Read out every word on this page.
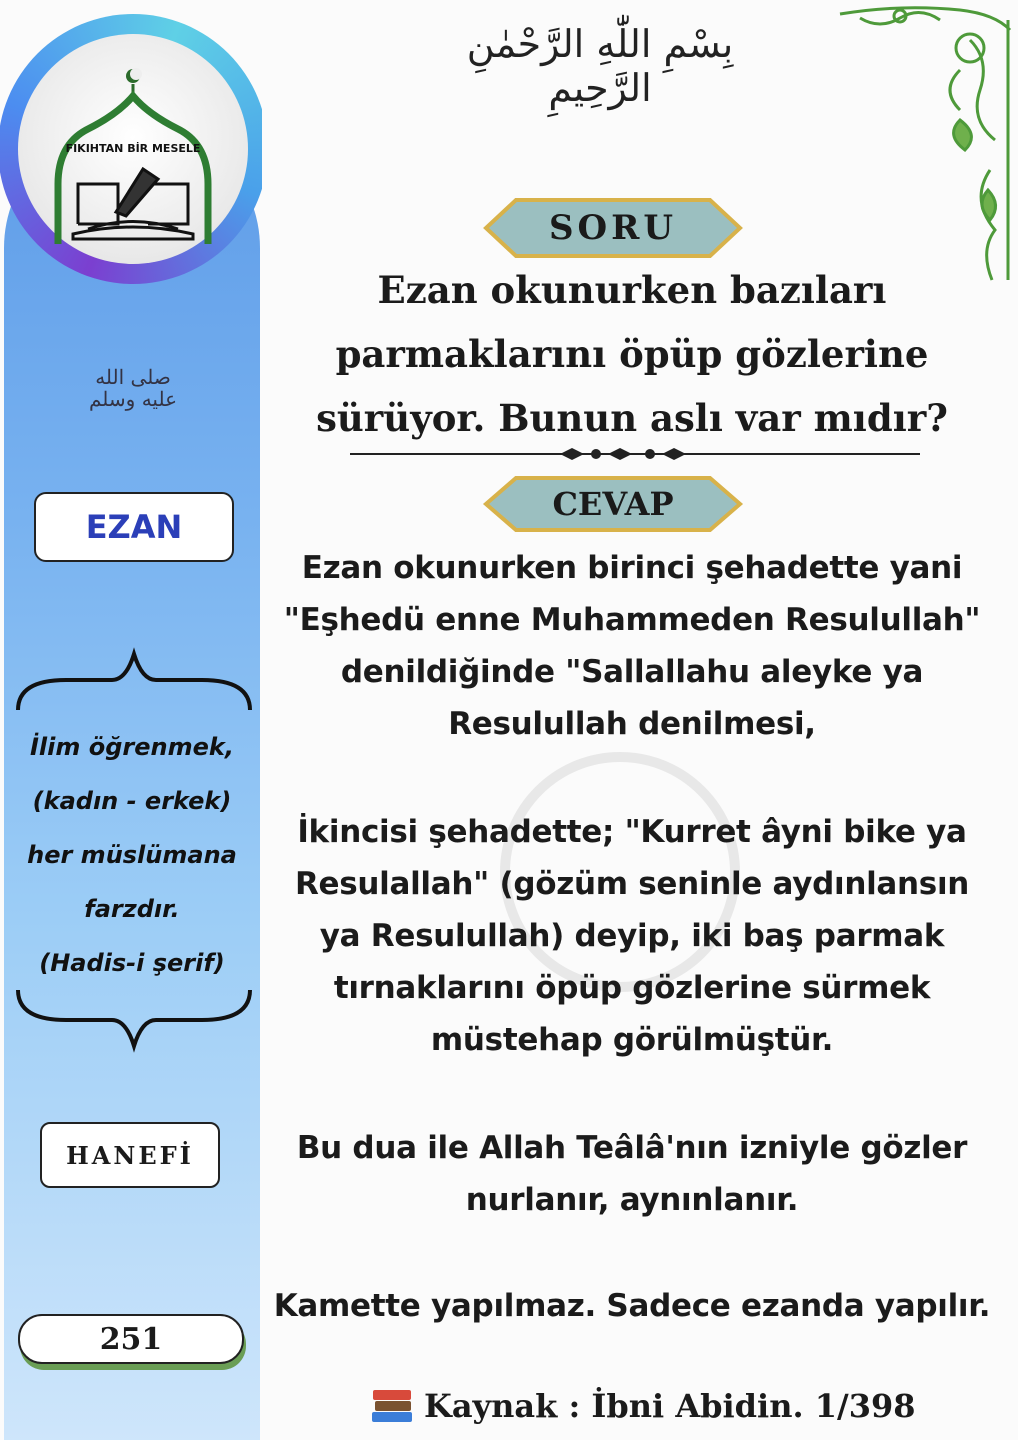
FIKIHTAN BİR MESELE
صلى الله عليه وسلم
EZAN
İlim öğrenmek,
(kadın - erkek)
her müslümana
farzdır.
(Hadis-i şerif)
HANEFİ
251
بِسْمِ اللّٰهِ الرَّحْمٰنِ الرَّحِيمِ
SORU
Ezan okunurken bazıları
parmaklarını öpüp gözlerine
sürüyor. Bunun aslı var mıdır?
CEVAP
Ezan okunurken birinci şehadette yani
"Eşhedü enne Muhammeden Resulullah"
denildiğinde "Sallallahu aleyke ya
Resulullah denilmesi,
İkincisi şehadette; "Kurret âyni bike ya
Resulallah" (gözüm seninle aydınlansın
ya Resulullah) deyip, iki baş parmak
tırnaklarını öpüp gözlerine sürmek
müstehap görülmüştür.
Bu dua ile Allah Teâlâ'nın izniyle gözler
nurlanır, aynınlanır.
Kamette yapılmaz. Sadece ezanda yapılır.
Kaynak : İbni Abidin. 1/398
